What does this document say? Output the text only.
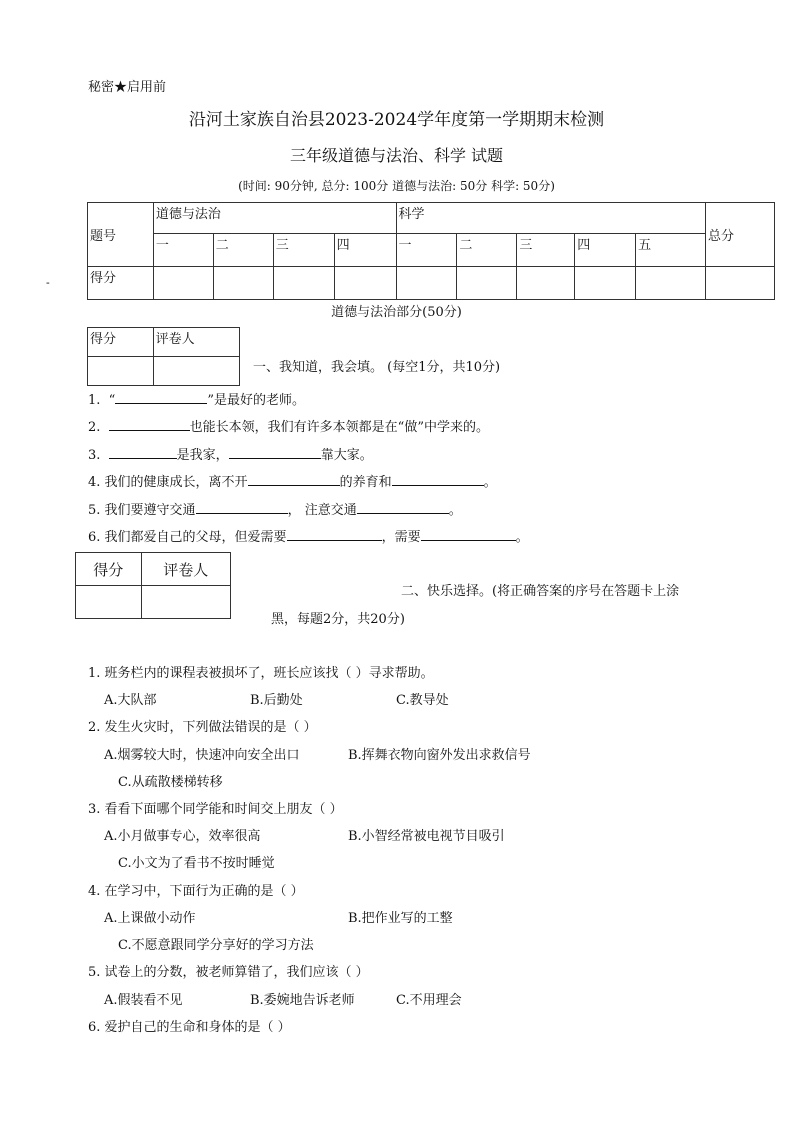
秘密★启用前
沿河土家族自治县2023-2024学年度第一学期期末检测
三年级道德与法治、科学 试题
(时间: 90分钟, 总分: 100分 道德与法治: 50分 科学: 50分)
-
题号	道德与法治				科学					总分
	一	二	三	四	一	二	三	四	五	
得分										
道德与法治部分(50分)
得分	评卷人

一、我知道，我会填。 (每空1分，共10分)
1. “	”是最好的老师。
2.	也能长本领，我们有许多本领都是在“做”中学来的。
3.	是我家，	靠大家。
4. 我们的健康成长，离不开	的养育和	。
5. 我们要遵守交通	， 注意交通	。
6. 我们都爱自己的父母，但爱需要	，需要	。
得分	评卷人

二、快乐选择。(将正确答案的序号在答题卡上涂
黑，每题2分，共20分)
1. 班务栏内的课程表被损坏了，班长应该找（ ）寻求帮助。
A.大队部	B.后勤处	C.教导处
2. 发生火灾时，下列做法错误的是（ ）
A.烟雾较大时，快速冲向安全出口	B.挥舞衣物向窗外发出求救信号
C.从疏散楼梯转移
3. 看看下面哪个同学能和时间交上朋友（ ）
A.小月做事专心，效率很高	B.小智经常被电视节目吸引
C.小文为了看书不按时睡觉
4. 在学习中，下面行为正确的是（ ）
A.上课做小动作	B.把作业写的工整
C.不愿意跟同学分享好的学习方法
5. 试卷上的分数，被老师算错了，我们应该（ ）
A.假装看不见	B.委婉地告诉老师	C.不用理会
6. 爱护自己的生命和身体的是（ ）
